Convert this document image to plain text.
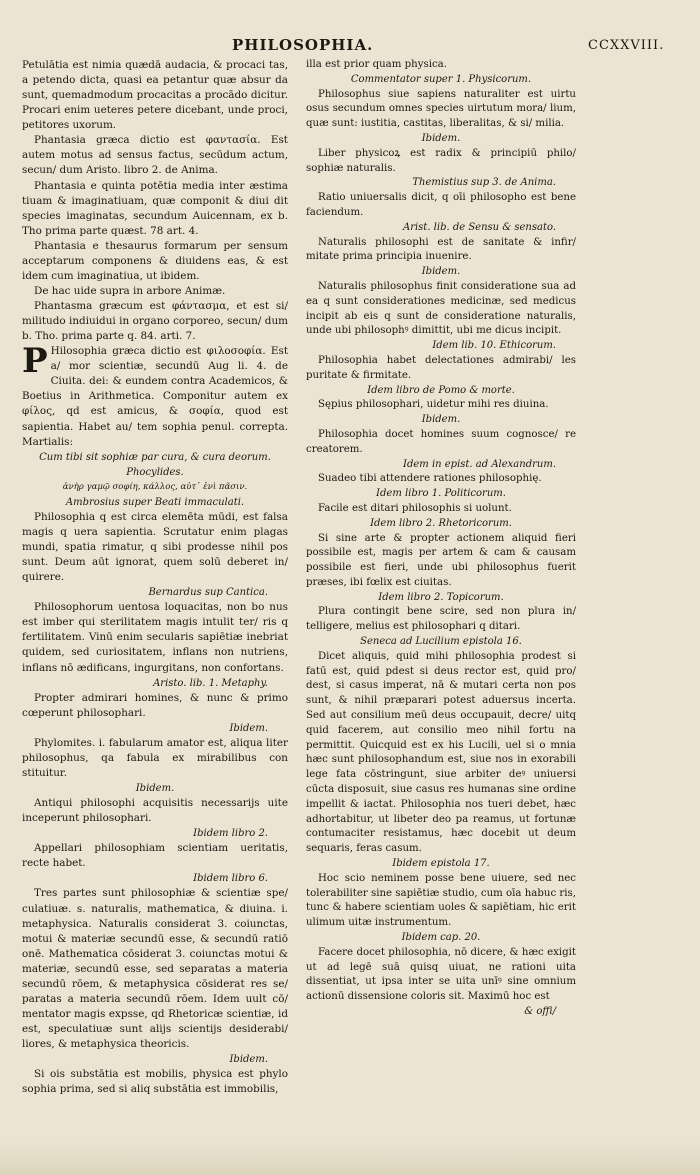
PHILOSOPHIA.	CCXXVIII.

Petulātia est nimia quædā audacia, & procaci tas, a petendo dicta, quasi ea petantur quæ absur da sunt, quemadmodum procacitas a procādo dicitur. Procari enim ueteres petere dicebant, unde proci, petitores uxorum.

Phantasia græca dictio est φαντασία. Est autem motus ad sensus factus, secūdum actum, secun/ dum Aristo. libro 2. de Anima.

Phantasia e quinta potētia media inter æstima tiuam & imaginatiuam, quæ componit & diui dit species imaginatas, secundum Auicennam, ex b. Tho prima parte quæst. 78 art. 4.

Phantasia e thesaurus formarum per sensum acceptarum componens & diuidens eas, & est idem cum imaginatiua, ut ibidem.

De hac uide supra in arbore Animæ.

Phantasma græcum est φάντασμα, et est si/ militudo indiuidui in organo corporeo, secun/ dum b. Tho. prima parte q. 84. arti. 7.

P Hilosophia græca dictio est φιλοσοφία. Est a/ mor scientiæ, secundū Aug li. 4. de Ciuita. dei: & eundem contra Academicos, & Boetius in Arithmetica. Componitur autem ex φίλος, qd est amicus, & σοφία, quod est sapientia. Habet au/ tem sophia penul. correpta. Martialis:

Cum tibi sit sophiæ par cura, & cura deorum.

Phocylides.

ἀνὴρ γαμῷ σοφίη, κάλλος, αὐτ᾽ ἐνὶ πᾶσιν.

Ambrosius super Beati immaculati.

Philosophia q est circa elemēta mūdi, est falsa magis q uera sapientia. Scrutatur enim plagas mundi, spatia rimatur, q sibi prodesse nihil pos sunt. Deum aūt ignorat, quem solū deberet in/ quirere.

Bernardus sup Cantica.

Philosophorum uentosa loquacitas, non bo nus est imber qui sterilitatem magis intulit ter/ ris q fertilitatem. Vinū enim secularis sapiētiæ inebriat quidem, sed curiositatem, inflans non nutriens, inflans nō ædificans, ingurgitans, non confortans.

Aristo. lib. 1. Metaphy.

Propter admirari homines, & nunc & primo cœperunt philosophari.

Ibidem.

Phylomites. i. fabularum amator est, aliqua liter philosophus, qa fabula ex mirabilibus con stituitur.

Ibidem.

Antiqui philosophi acquisitis necessarijs uite inceperunt philosophari.

Ibidem libro 2.

Appellari philosophiam scientiam ueritatis, recte habet.

Ibidem libro 6.

Tres partes sunt philosophiæ & scientiæ spe/ culatiuæ. s. naturalis, mathematica, & diuina. i. metaphysica. Naturalis considerat 3. coiunctas, motui & materiæ secundū esse, & secundū ratiō onē. Mathematica cōsiderat 3. coiunctas motui & materiæ, secundū esse, sed separatas a materia secundū rōem, & metaphysica cōsiderat res se/ paratas a materia secundū rōem. Idem uult cō/ mentator magis expsse, qd Rhetoricæ scientiæ, id est, speculatiuæ sunt alijs scientijs desiderabi/ liores, & metaphysica theoricis.

Ibidem.

Si ois substātia est mobilis, physica est phylo sophia prima, sed si aliq substātia est immobilis,

illa est prior quam physica.

Commentator super 1. Physicorum.

Philosophus siue sapiens naturaliter est uirtu osus secundum omnes species uirtutum mora/ lium, quæ sunt: iustitia, castitas, liberalitas, & si/ milia.

Ibidem.

Liber physicoꝝ est radix & principiū philo/ sophiæ naturalis.

Themistius sup 3. de Anima.

Ratio uniuersalis dicit, q oīi philosopho est bene faciendum.

Arist. lib. de Sensu & sensato.

Naturalis philosophi est de sanitate & infir/ mitate prima principia inuenire.

Ibidem.

Naturalis philosophus finit consideratione sua ad ea q sunt considerationes medicinæ, sed medicus incipit ab eis q sunt de consideratione naturalis, unde ubi philosophꝰ dimittit, ubi me dicus incipit.

Idem lib. 10. Ethicorum.

Philosophia habet delectationes admirabi/ les puritate & firmitate.

Idem libro de Pomo & morte.

Sępius philosophari, uidetur mihi res diuina.

Ibidem.

Philosophia docet homines suum cognosce/ re creatorem.

Idem in epist. ad Alexandrum.

Suadeo tibi attendere rationes philosophię.

Idem libro 1. Politicorum.

Facile est ditari philosophis si uolunt.

Idem libro 2. Rhetoricorum.

Si sine arte & propter actionem aliquid fieri possibile est, magis per artem & cam & causam possibile est fieri, unde ubi philosophus fuerit præses, ibi fœlix est ciuitas.

Idem libro 2. Topicorum.

Plura contingit bene scire, sed non plura in/ telligere, melius est philosophari q ditari.

Seneca ad Lucilium epistola 16.

Dicet aliquis, quid mihi philosophia prodest si fatū est, quid pdest si deus rector est, quid pro/ dest, si casus imperat, nā & mutari certa non pos sunt, & nihil præparari potest aduersus incerta. Sed aut consilium meū deus occupauit, decre/ uitq quid facerem, aut consilio meo nihil fortu na permittit. Quicquid est ex his Lucili, uel si o mnia hæc sunt philosophandum est, siue nos in exorabili lege fata cōstringunt, siue arbiter deꝰ uniuersi cūcta disposuit, siue casus res humanas sine ordine impellit & iactat. Philosophia nos tueri debet, hæc adhortabitur, ut libeter deo pa reamus, ut fortunæ contumaciter resistamus, hæc docebit ut deum sequaris, feras casum.

Ibidem epistola 17.

Hoc scio neminem posse bene uiuere, sed nec tolerabiliter sine sapiētiæ studio, cum oīa habuc ris, tunc & habere scientiam uoles & sapiētiam, hic erit ulimum uitæ instrumentum.

Ibidem cap. 20.

Facere docet philosophia, nō dicere, & hæc exigit ut ad legē suā quisq uiuat, ne rationi uita dissentiat, ut ipsa inter se uita unīꝰ sine omnium actionū dissensione coloris sit. Maximū hoc est

& offi/
